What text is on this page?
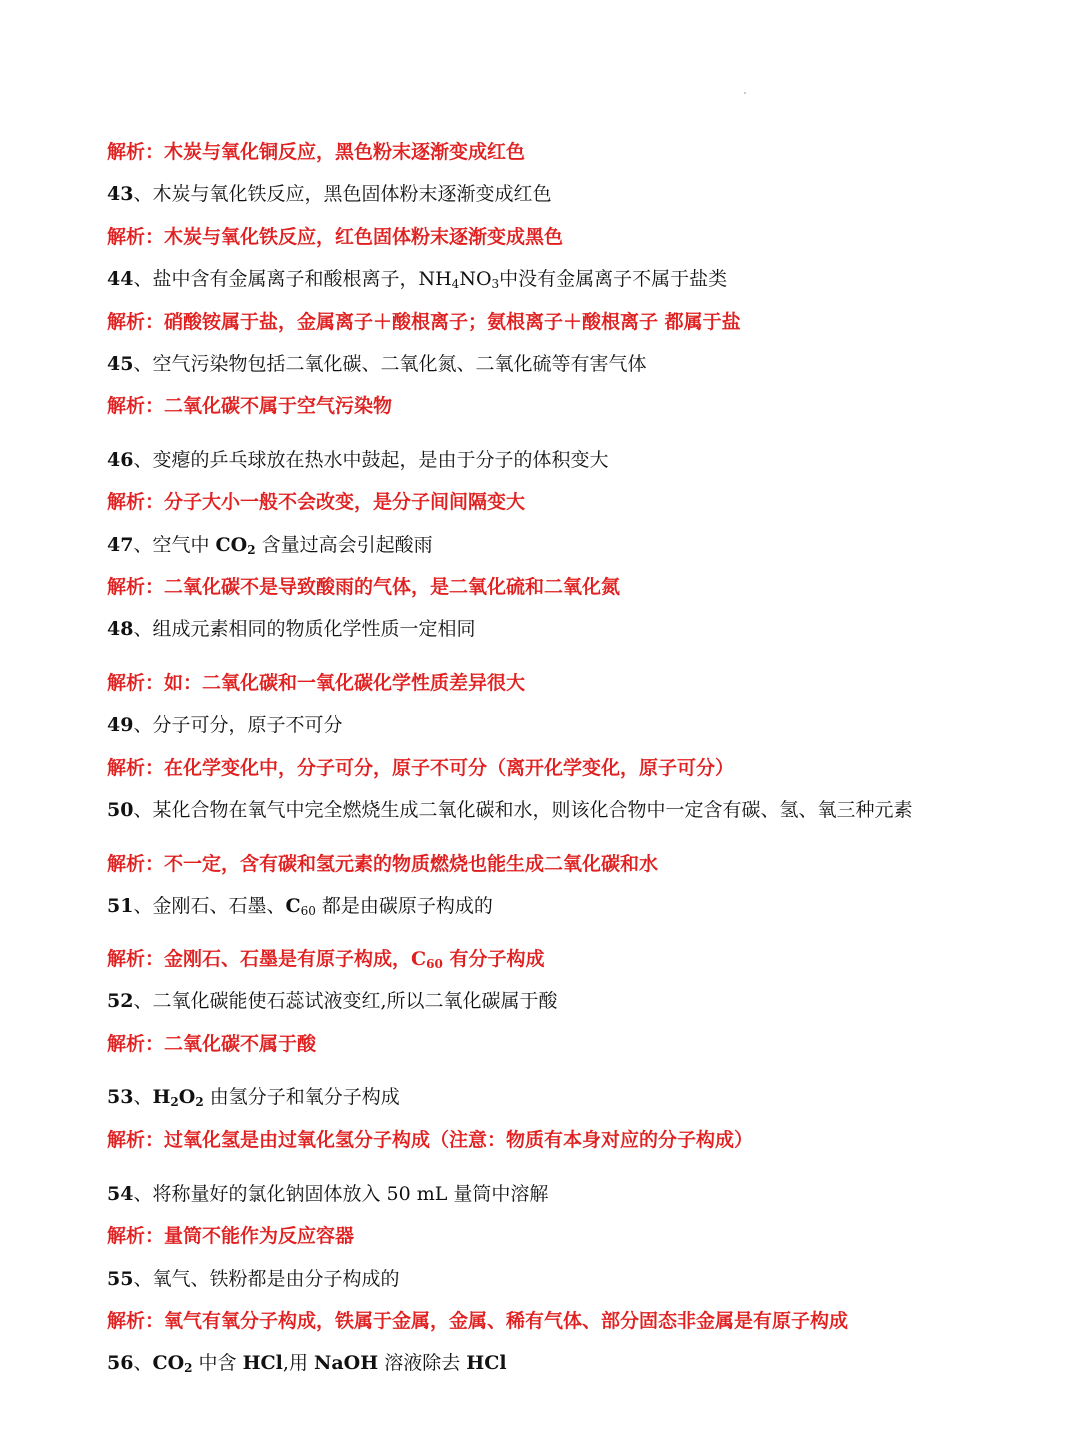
解析：木炭与氧化铜反应，黑色粉末逐渐变成红色
43、木炭与氧化铁反应，黑色固体粉末逐渐变成红色
解析：木炭与氧化铁反应，红色固体粉末逐渐变成黑色
44、盐中含有金属离子和酸根离子，$NH_4NO_3$中没有金属离子不属于盐类
解析：硝酸铵属于盐，金属离子＋酸根离子；氨根离子＋酸根离子 都属于盐
45、空气污染物包括二氧化碳、二氧化氮、二氧化硫等有害气体
解析：二氧化碳不属于空气污染物
46、变瘪的乒乓球放在热水中鼓起，是由于分子的体积变大
解析：分子大小一般不会改变，是分子间间隔变大
47、空气中 $CO_2$ 含量过高会引起酸雨
解析：二氧化碳不是导致酸雨的气体，是二氧化硫和二氧化氮
48、组成元素相同的物质化学性质一定相同
解析：如：二氧化碳和一氧化碳化学性质差异很大
49、分子可分，原子不可分
解析：在化学变化中，分子可分，原子不可分（离开化学变化，原子可分）
50、某化合物在氧气中完全燃烧生成二氧化碳和水，则该化合物中一定含有碳、氢、氧三种元素
解析：不一定，含有碳和氢元素的物质燃烧也能生成二氧化碳和水
51、金刚石、石墨、$C_{60}$ 都是由碳原子构成的
解析：金刚石、石墨是有原子构成，$C_{60}$ 有分子构成
52、二氧化碳能使石蕊试液变红,所以二氧化碳属于酸
解析：二氧化碳不属于酸
53、$H_2O_2$ 由氢分子和氧分子构成
解析：过氧化氢是由过氧化氢分子构成（注意：物质有本身对应的分子构成）
54、将称量好的氯化钠固体放入 50 mL 量筒中溶解
解析：量筒不能作为反应容器
55、氧气、铁粉都是由分子构成的
解析：氧气有氧分子构成，铁属于金属，金属、稀有气体、部分固态非金属是有原子构成
56、$CO_2$ 中含 HCl,用 NaOH 溶液除去 HCl
